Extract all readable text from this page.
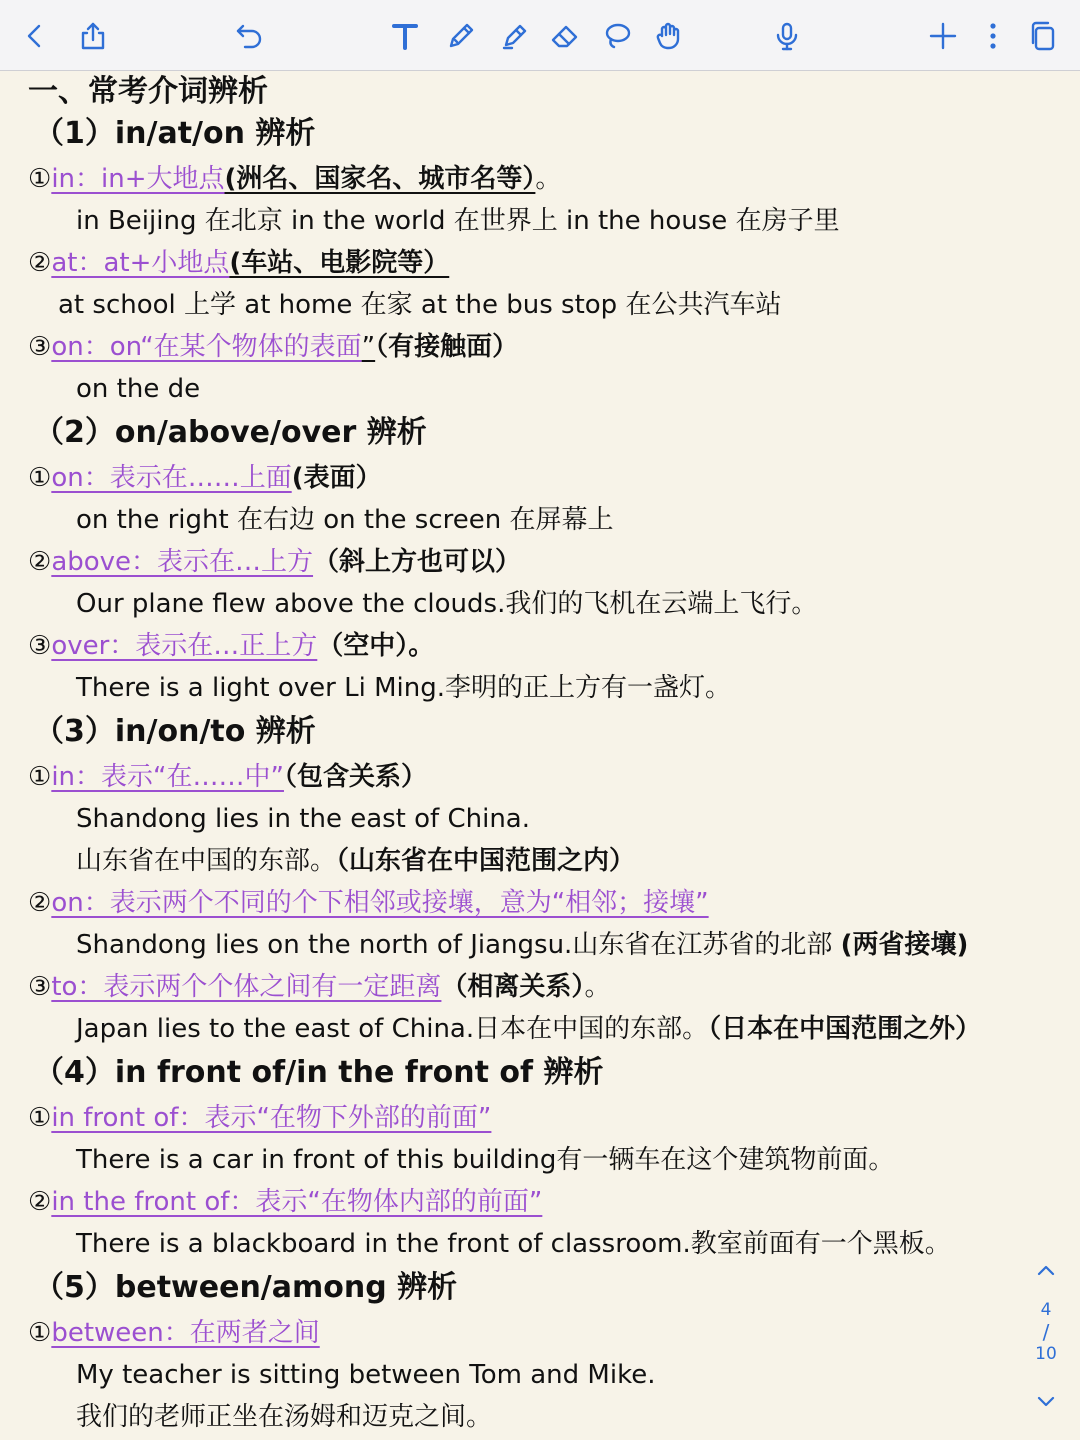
一、常考介词辨析
（1）in/at/on 辨析
①in：in+大地点(洲名、国家名、城市名等）。
in Beijing 在北京 in the world 在世界上 in the house 在房子里
②at：at+小地点(车站、电影院等）
at school 上学 at home 在家 at the bus stop 在公共汽车站
③on：on“在某个物体的表面”（有接触面）
on the de
（2）on/above/over 辨析
①on：表示在……上面(表面）
on the right 在右边 on the screen 在屏幕上
②above：表示在…上方（斜上方也可以）
Our plane flew above the clouds.我们的飞机在云端上飞行。
③over：表示在…正上方（空中）。
There is a light over Li Ming.李明的正上方有一盏灯。
（3）in/on/to 辨析
①in：表示“在……中”（包含关系）
Shandong lies in the east of China.
山东省在中国的东部。（山东省在中国范围之内）
②on：表示两个不同的个下相邻或接壤，意为“相邻；接壤”
Shandong lies on the north of Jiangsu.山东省在江苏省的北部 (两省接壤)
③to：表示两个个体之间有一定距离（相离关系）。
Japan lies to the east of China.日本在中国的东部。（日本在中国范围之外）
（4）in front of/in the front of 辨析
①in front of：表示“在物下外部的前面”
There is a car in front of this building有一辆车在这个建筑物前面。
②in the front of：表示“在物体内部的前面”
There is a blackboard in the front of classroom.教室前面有一个黑板。
（5）between/among 辨析
①between：在两者之间
My teacher is sitting between Tom and Mike.
我们的老师正坐在汤姆和迈克之间。
4
/
10
